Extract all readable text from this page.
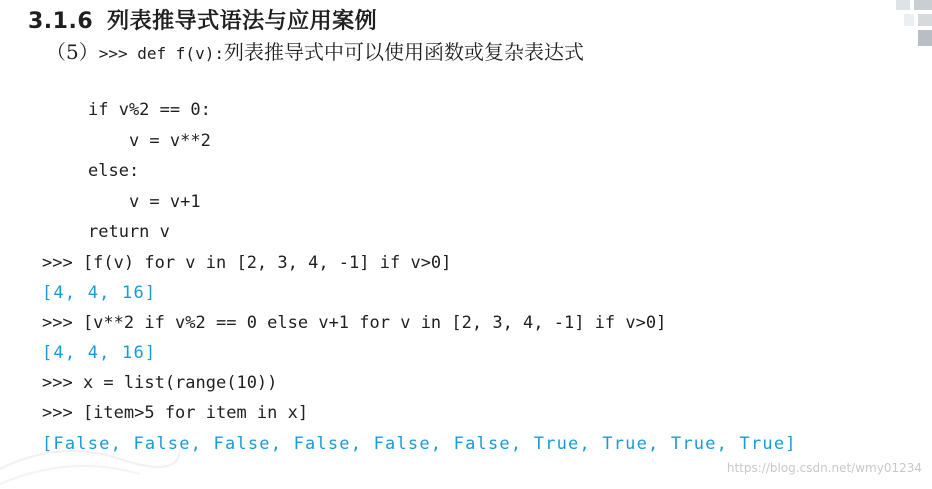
3.1.6 列表推导式语法与应用案例
（5）>>> def f(v):列表推导式中可以使用函数或复杂表达式
if v%2 == 0:
v = v**2
else:
v = v+1
return v
>>> [f(v) for v in [2, 3, 4, -1] if v>0]
[4, 4, 16]
>>> [v**2 if v%2 == 0 else v+1 for v in [2, 3, 4, -1] if v>0]
[4, 4, 16]
>>> x = list(range(10))
>>> [item>5 for item in x]
[False, False, False, False, False, False, True, True, True, True]
https://blog.csdn.net/wmy01234
